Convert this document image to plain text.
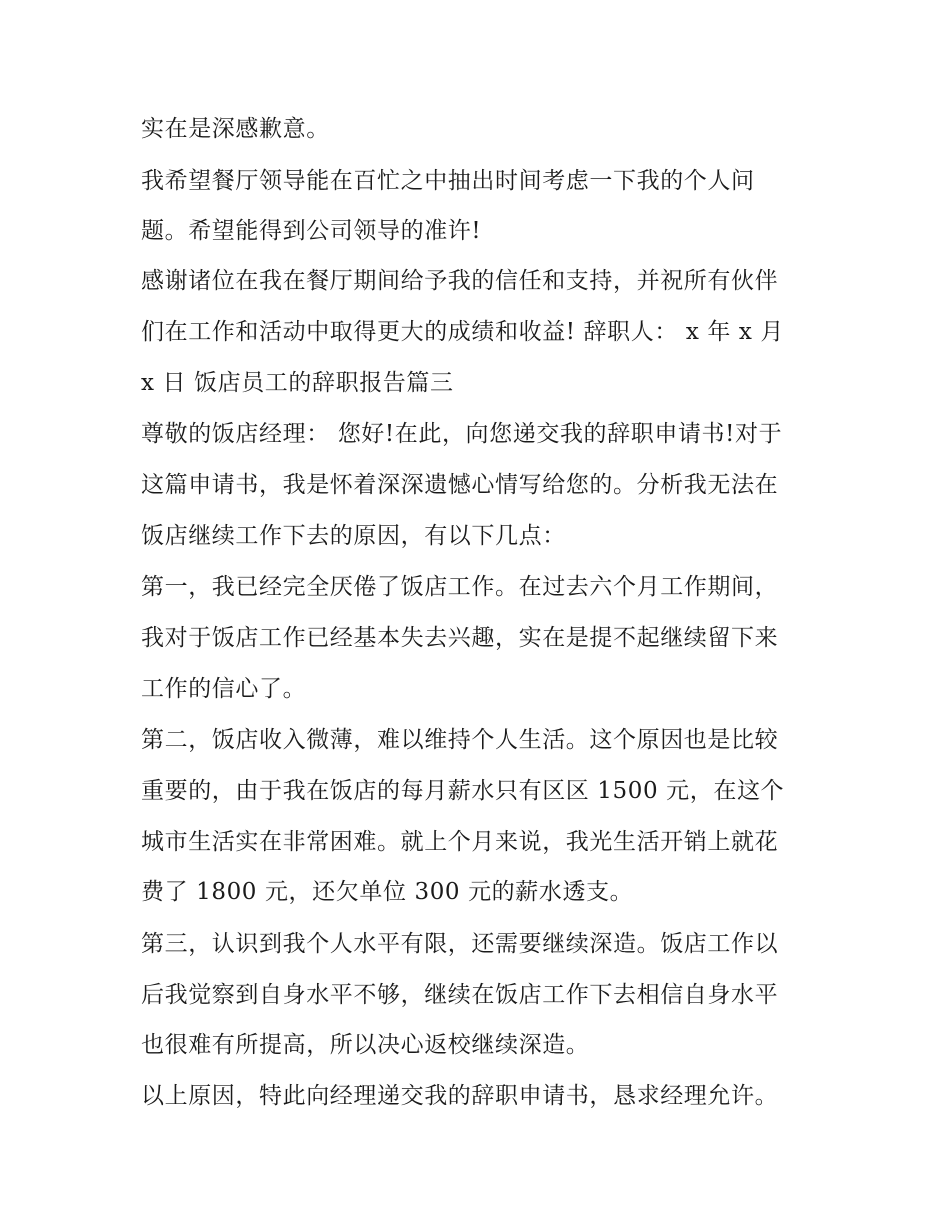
实在是深感歉意。
我希望餐厅领导能在百忙之中抽出时间考虑一下我的个人问
题。希望能得到公司领导的准许!
感谢诸位在我在餐厅期间给予我的信任和支持，并祝所有伙伴
们在工作和活动中取得更大的成绩和收益! 辞职人： x 年 x 月
x 日 饭店员工的辞职报告篇三
尊敬的饭店经理： 您好!在此，向您递交我的辞职申请书!对于
这篇申请书，我是怀着深深遗憾心情写给您的。分析我无法在
饭店继续工作下去的原因，有以下几点：
第一，我已经完全厌倦了饭店工作。在过去六个月工作期间，
我对于饭店工作已经基本失去兴趣，实在是提不起继续留下来
工作的信心了。
第二，饭店收入微薄，难以维持个人生活。这个原因也是比较
重要的，由于我在饭店的每月薪水只有区区 1500 元，在这个
城市生活实在非常困难。就上个月来说，我光生活开销上就花
费了 1800 元，还欠单位 300 元的薪水透支。
第三，认识到我个人水平有限，还需要继续深造。饭店工作以
后我觉察到自身水平不够，继续在饭店工作下去相信自身水平
也很难有所提高，所以决心返校继续深造。
以上原因，特此向经理递交我的辞职申请书，恳求经理允许。
